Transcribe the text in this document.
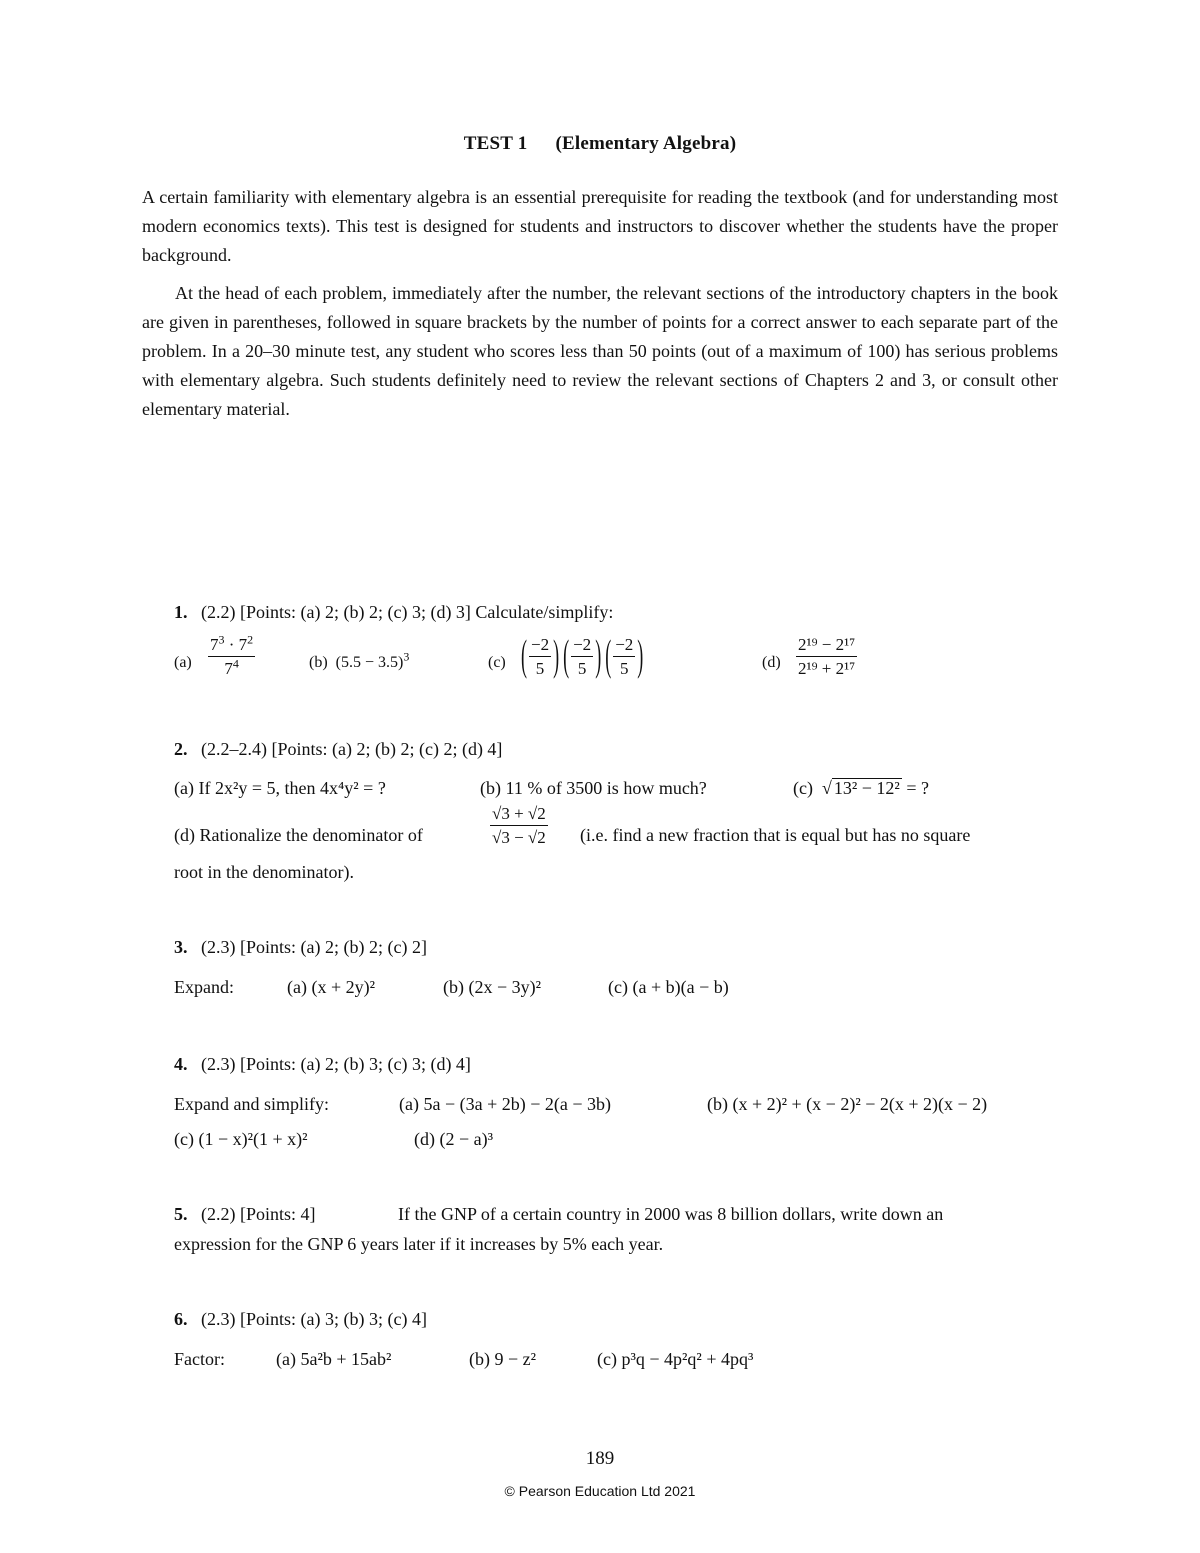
TEST 1 (Elementary Algebra)
A certain familiarity with elementary algebra is an essential prerequisite for reading the textbook (and for understanding most modern economics texts). This test is designed for students and instructors to discover whether the students have the proper background.
At the head of each problem, immediately after the number, the relevant sections of the introductory chapters in the book are given in parentheses, followed in square brackets by the number of points for a correct answer to each separate part of the problem. In a 20–30 minute test, any student who scores less than 50 points (out of a maximum of 100) has serious problems with elementary algebra. Such students definitely need to review the relevant sections of Chapters 2 and 3, or consult other elementary material.
1. (2.2) [Points: (a) 2; (b) 2; (c) 3; (d) 3] Calculate/simplify:
$(a) \frac{7^3 \cdot 7^2}{7^4}$	(b) $(5.5 - 3.5)^3$	(c) ( $\frac{-2}{5}$ ) ( $\frac{-2}{5}$ ) ( $\frac{-2}{5}$ )	$(d) \frac{\text{2¹⁹ − 2¹⁷}}{\text{2¹⁹ + 2¹⁷}}$
2. (2.2–2.4) [Points: (a) 2; (b) 2; (c) 2; (d) 4]
(a) If 2x²y = 5, then 4x⁴y² = ?	(b) 11 % of 3500 is how much?	(c) √ 13² − 12² = ?
(d) Rationalize the denominator of	$\frac{√3 + √2}{√3 - √2} (i.e$. find a new fraction that is equal but has no square
root in the denominator).
3. (2.3) [Points: (a) 2; (b) 2; (c) 2]
Expand:	(a) (x + 2y)²	(b) (2x − 3y)²	(c) (a + b)(a − b)
4. (2.3) [Points: (a) 2; (b) 3; (c) 3; (d) 4]
Expand and simplify:	(a) 5a − (3a + 2b) − 2(a − 3b)	(b) (x + 2)² + (x − 2)² − 2(x + 2)(x − 2)
(c) (1 − x)²(1 + x)²	(d) (2 − a)³
5. (2.2) [Points: 4]	If the GNP of a certain country in 2000 was 8 billion dollars, write down an
expression for the GNP 6 years later if it increases by 5% each year.
6. (2.3) [Points: (a) 3; (b) 3; (c) 4]
Factor:	(a) 5a²b + 15ab²	(b) 9 − z²	(c) p³q − 4p²q² + 4pq³
189
© Pearson Education Ltd 2021
